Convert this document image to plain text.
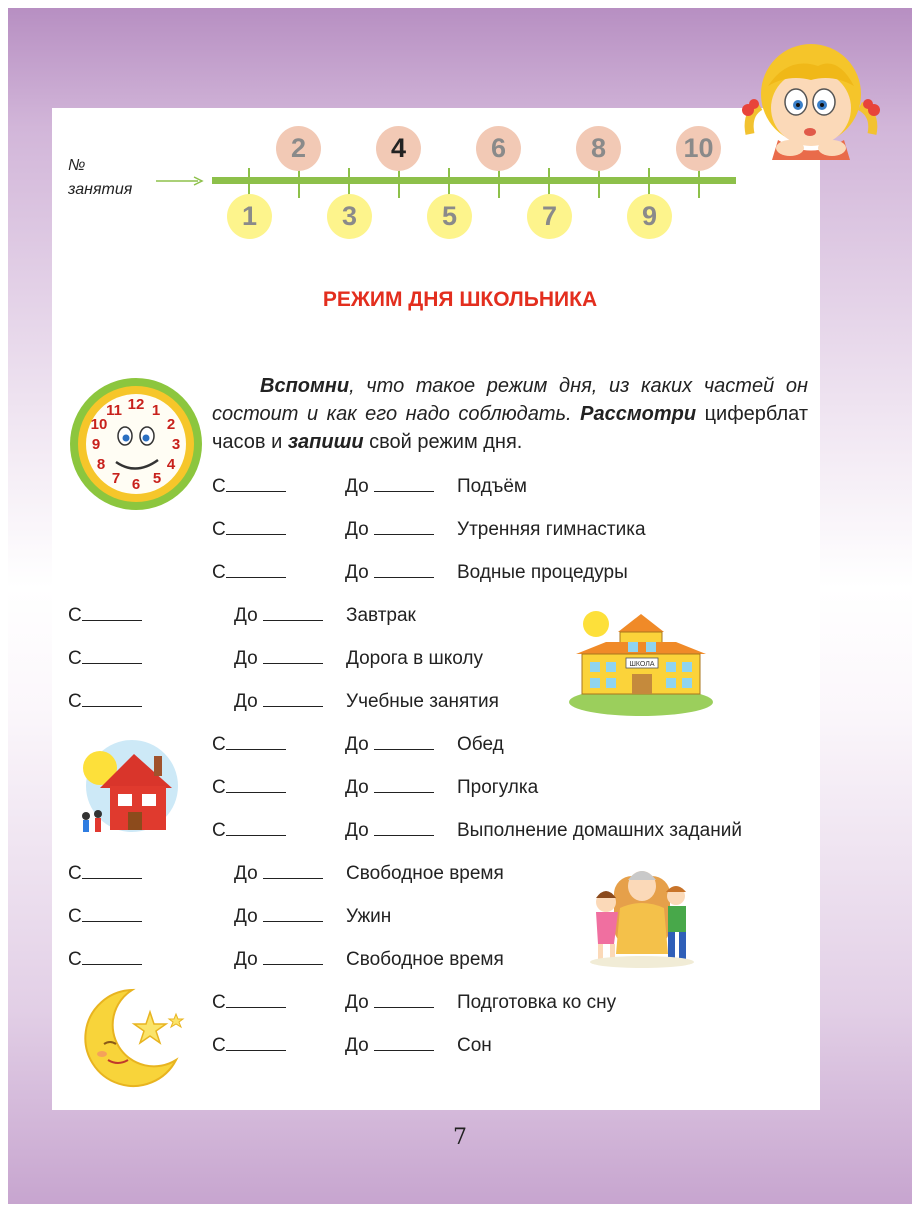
№
занятия
2	4	6	8	10
1	3	5	7	9
РЕЖИМ ДНЯ ШКОЛЬНИКА
12 1
2
3
4
5
6
7
8
9
10
11
Вспомни, что такое режим дня, из каких частей он состоит и как его надо соблюдать. Рассмотри циферблат часов и запиши свой режим дня.
С	До	Подъём
С	До	Утренняя гимнастика
С	До	Водные процедуры
С	До	Завтрак
С	До	Дорога в школу
С	До	Учебные занятия
С	До	Обед
С	До	Прогулка
С	До	Выполнение домашних заданий
С	До	Свободное время
С	До	Ужин
С	До	Свободное время
С	До	Подготовка ко сну
С	До	Сон
ШКОЛА
7
